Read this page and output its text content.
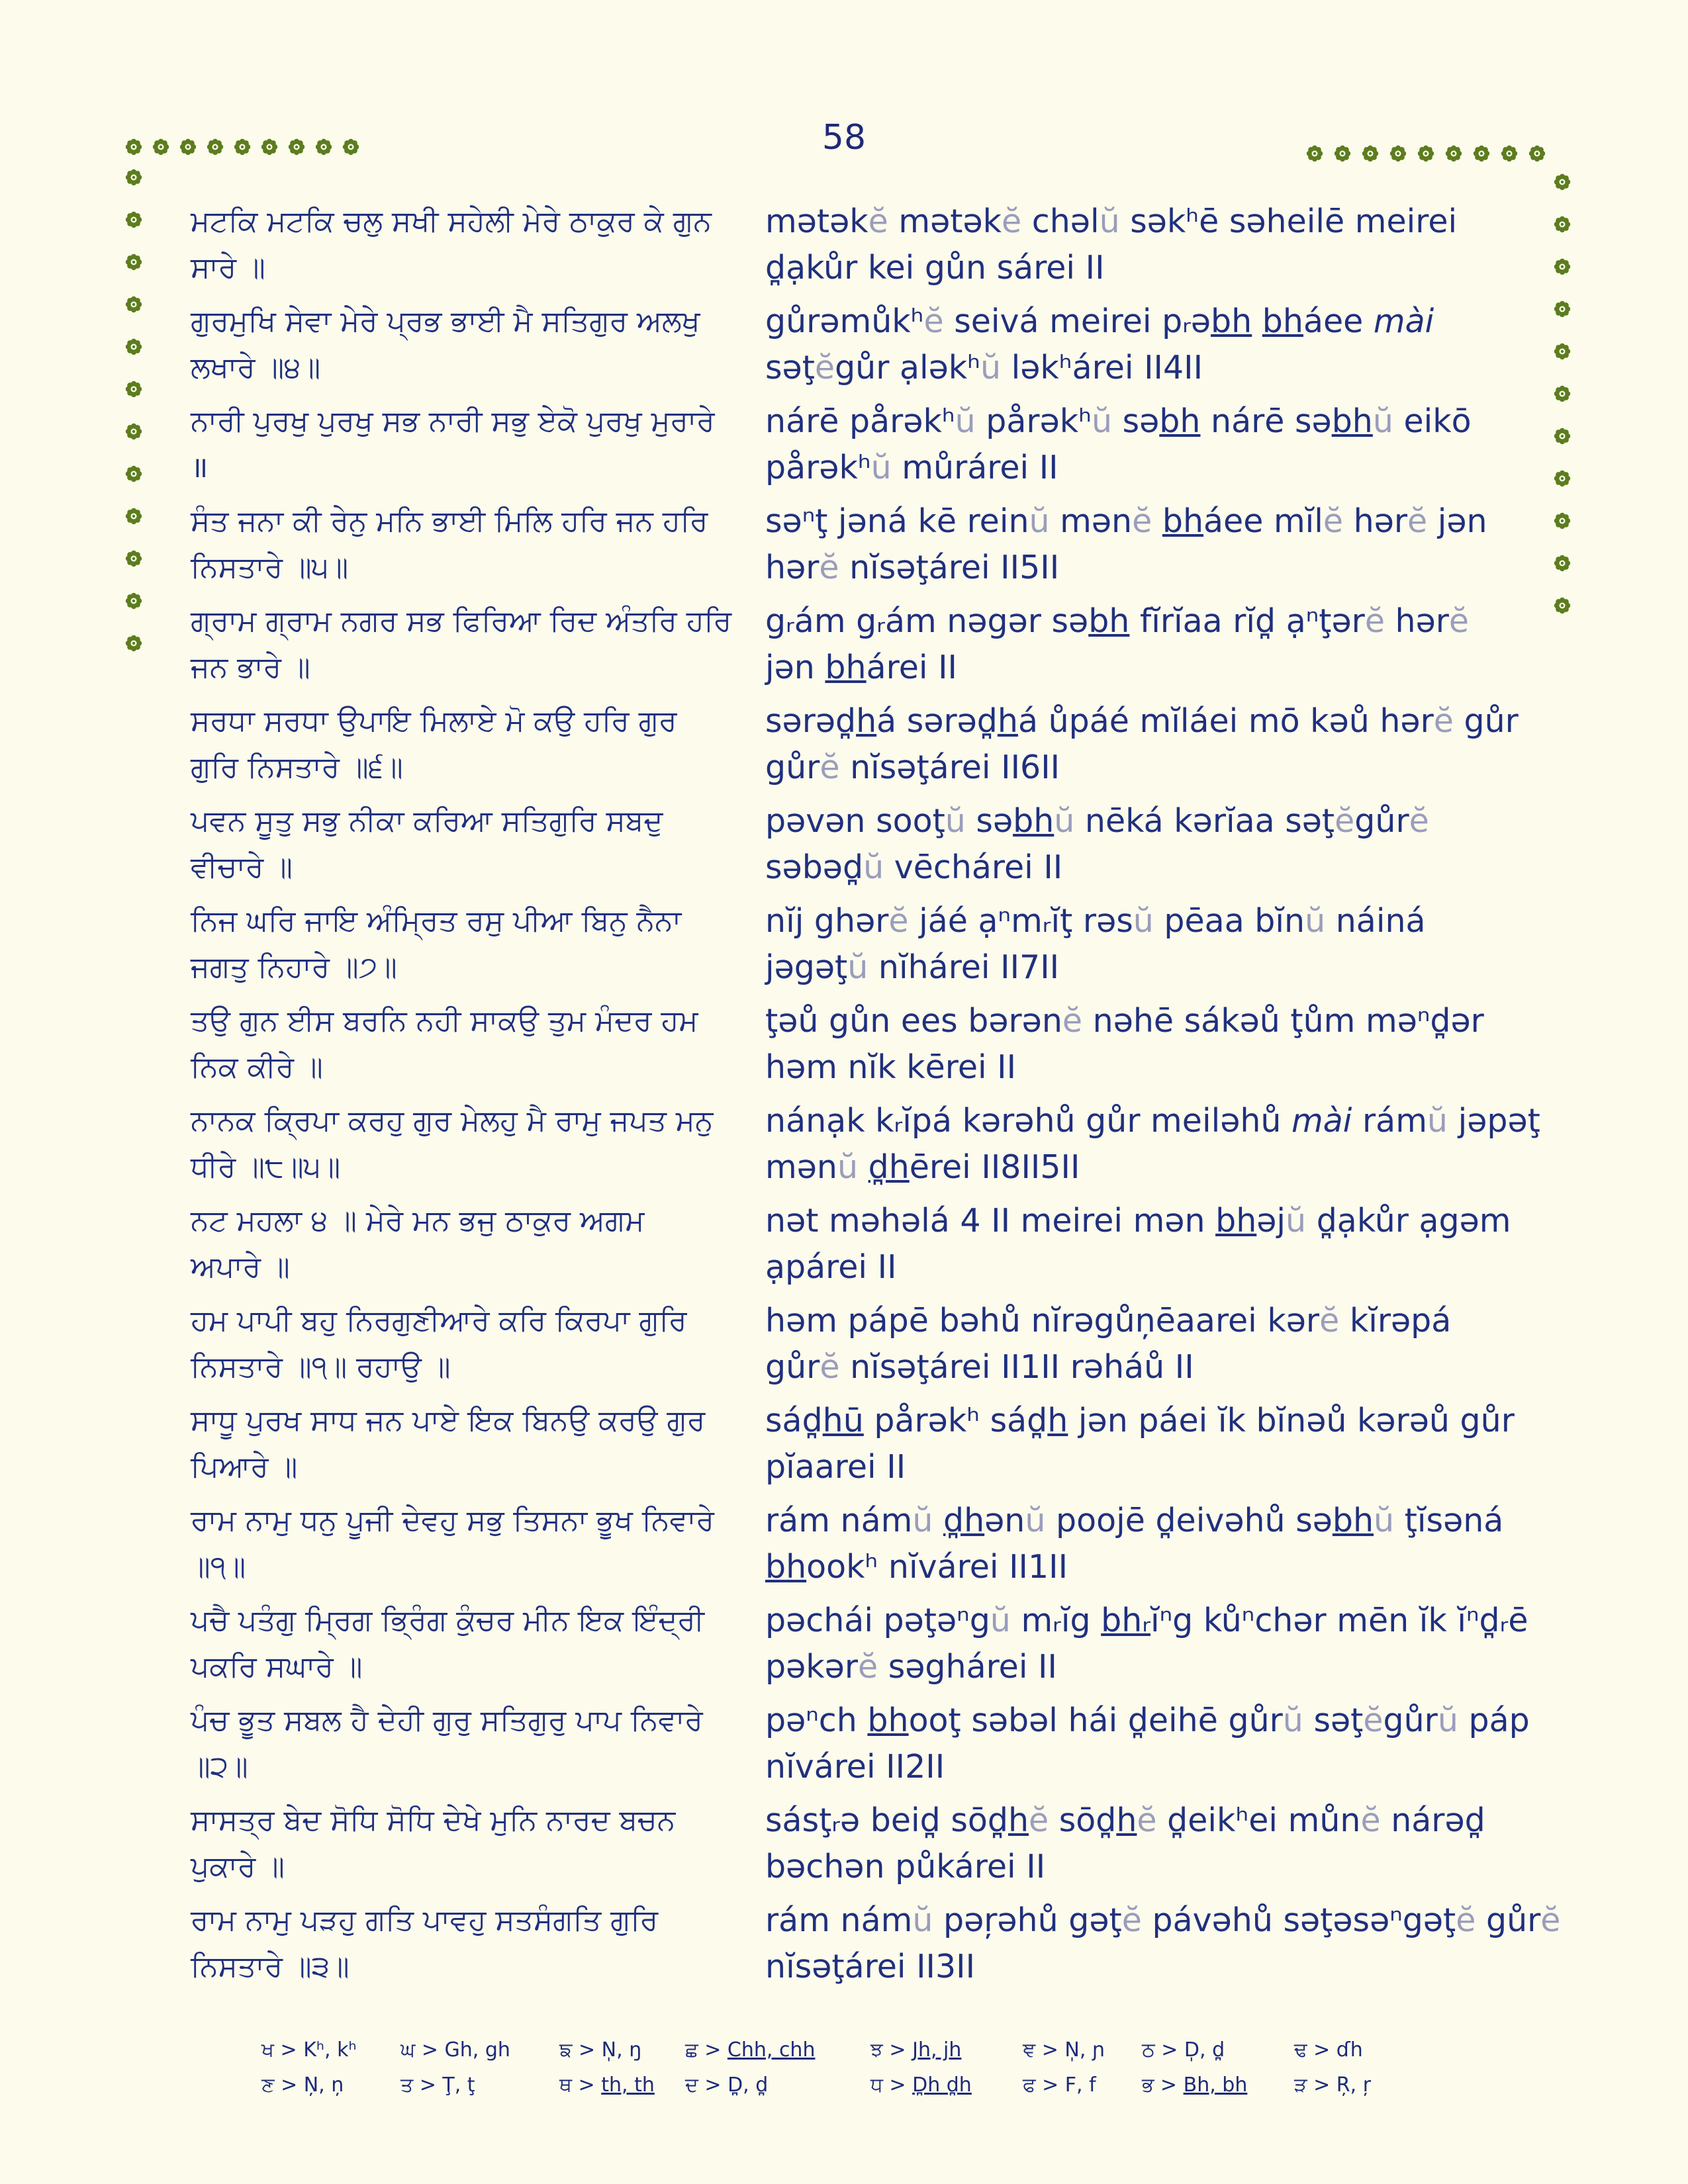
58
ਮਟਕਿ ਮਟਕਿ ਚਲੁ ਸਖੀ ਸਹੇਲੀ ਮੇਰੇ ਠਾਕੁਰ ਕੇ ਗੁਨ
ਸਾਰੇ ॥
mətəkĕ mətəkĕ chəlŭ səkʰē səheilē meirei
dạkůr kei gůn sárei II
ਗੁਰਮੁਖਿ ਸੇਵਾ ਮੇਰੇ ਪ੍ਰਭ ਭਾਈ ਮੈ ਸਤਿਗੁਰ ਅਲਖੁ
ਲਖਾਰੇ ॥੪॥
gůrəmůkʰĕ seivá meirei pᵣəbh bháee mài
səţĕgůr ạləkʰŭ ləkʰárei II4II
ਨਾਰੀ ਪੁਰਖੁ ਪੁਰਖੁ ਸਭ ਨਾਰੀ ਸਭੁ ਏਕੋ ਪੁਰਖੁ ਮੁਰਾਰੇ
॥
nárē pårəkʰŭ pårəkʰŭ səbh nárē səbhŭ eikō
pårəkʰŭ můrárei II
ਸੰਤ ਜਨਾ ਕੀ ਰੇਨੁ ਮਨਿ ਭਾਈ ਮਿਲਿ ਹਰਿ ਜਨ ਹਰਿ
ਨਿਸਤਾਰੇ ॥੫॥
səⁿţ jəná kē reinŭ mənĕ bháee mĭlĕ hərĕ jən
hərĕ nĭsəţárei II5II
ਗ੍ਰਾਮ ਗ੍ਰਾਮ ਨਗਰ ਸਭ ਫਿਰਿਆ ਰਿਦ ਅੰਤਰਿ ਹਰਿ
ਜਨ ਭਾਰੇ ॥
gᵣám gᵣám nəgər səbh fĭrĭaa rĭd ạⁿţərĕ hərĕ
jən bhárei II
ਸਰਧਾ ਸਰਧਾ ਉਪਾਇ ਮਿਲਾਏ ਮੋ ਕਉ ਹਰਿ ਗੁਰ
ਗੁਰਿ ਨਿਸਤਾਰੇ ॥੬॥
sərədhá sərədhá ůpáé mĭláei mō kəů hərĕ gůr
gůrĕ nĭsəţárei II6II
ਪਵਨ ਸੂਤੁ ਸਭੁ ਨੀਕਾ ਕਰਿਆ ਸਤਿਗੁਰਿ ਸਬਦੁ
ਵੀਚਾਰੇ ॥
pəvən sooţŭ səbhŭ nēká kərĭaa səţĕgůrĕ
səbədŭ vēchárei II
ਨਿਜ ਘਰਿ ਜਾਇ ਅੰਮ੍ਰਿਤ ਰਸੁ ਪੀਆ ਬਿਨੁ ਨੈਨਾ
ਜਗਤੁ ਨਿਹਾਰੇ ॥੭॥
nĭj ghərĕ jáé ạⁿmᵣĭţ rəsŭ pēaa bĭnŭ náiná
jəgəţŭ nĭhárei II7II
ਤਉ ਗੁਨ ਈਸ ਬਰਨਿ ਨਹੀ ਸਾਕਉ ਤੁਮ ਮੰਦਰ ਹਮ
ਨਿਕ ਕੀਰੇ ॥
ţəů gůn ees bərənĕ nəhē sákəů ţům məⁿdər
həm nĭk kērei II
ਨਾਨਕ ਕ੍ਰਿਪਾ ਕਰਹੁ ਗੁਰ ਮੇਲਹੁ ਮੈ ਰਾਮੁ ਜਪਤ ਮਨੁ
ਧੀਰੇ ॥੮॥੫॥
nánạk kᵣĭpá kərəhů gůr meiləhů mài rámŭ jəpəţ
mənŭ d̪hērei II8II5II
ਨਟ ਮਹਲਾ ੪ ॥ ਮੇਰੇ ਮਨ ਭਜੁ ਠਾਕੁਰ ਅਗਮ
ਅਪਾਰੇ ॥
nət məhəlá 4 II meirei mən bhəjŭ dạkůr ạgəm
ạpárei II
ਹਮ ਪਾਪੀ ਬਹੁ ਨਿਰਗੁਣੀਆਰੇ ਕਰਿ ਕਿਰਪਾ ਗੁਰਿ
ਨਿਸਤਾਰੇ ॥੧॥ ਰਹਾਉ ॥
həm pápē bəhů nĭrəgůņēaarei kərĕ kĭrəpá
gůrĕ nĭsəţárei II1II rəháů II
ਸਾਧੂ ਪੁਰਖ ਸਾਧ ਜਨ ਪਾਏ ਇਕ ਬਿਨਉ ਕਰਉ ਗੁਰ
ਪਿਆਰੇ ॥
sádhū pårəkʰ sádh jən páei ĭk bĭnəů kərəů gůr
pĭaarei II
ਰਾਮ ਨਾਮੁ ਧਨੁ ਪੂਜੀ ਦੇਵਹੁ ਸਭੁ ਤਿਸਨਾ ਭੂਖ ਨਿਵਾਰੇ
॥੧॥
rám námŭ d̪hənŭ poojē deivəhů səbhŭ ţĭsəná
bhookʰ nĭvárei II1II
ਪਚੈ ਪਤੰਗੁ ਮ੍ਰਿਗ ਭ੍ਰਿੰਗ ਕੁੰਚਰ ਮੀਨ ਇਕ ਇੰਦ੍ਰੀ
ਪਕਰਿ ਸਘਾਰੇ ॥
pəchái pəţəⁿgŭ mᵣĭg bhᵣĭⁿg kůⁿchər mēn ĭk ĭⁿdᵣē
pəkərĕ səghárei II
ਪੰਚ ਭੂਤ ਸਬਲ ਹੈ ਦੇਹੀ ਗੁਰੁ ਸਤਿਗੁਰੁ ਪਾਪ ਨਿਵਾਰੇ
॥੨॥
pəⁿch bhooţ səbəl hái deihē gůrŭ səţĕgůrŭ páp
nĭvárei II2II
ਸਾਸਤ੍ਰ ਬੇਦ ਸੋਧਿ ਸੋਧਿ ਦੇਖੇ ਮੁਨਿ ਨਾਰਦ ਬਚਨ
ਪੁਕਾਰੇ ॥
sásţᵣə beid sōdhĕ sōdhĕ deikʰei můnĕ nárəd
bəchən půkárei II
ਰਾਮ ਨਾਮੁ ਪੜਹੁ ਗਤਿ ਪਾਵਹੁ ਸਤਸੰਗਤਿ ਗੁਰਿ
ਨਿਸਤਾਰੇ ॥੩॥
rám námŭ pəŗəhů gəţĕ pávəhů səţəsəⁿgəţĕ gůrĕ
nĭsəţárei II3II
ਖ > Kʰ, kʰ ਘ > Gh, gh ਙ > N̩, ŋ ਛ > Chh, chh	ਝ > Jh, jh	ਞ > N̩, ɲ ਠ > D̩, d̪	ਢ > ɗh
ਣ > Ņ, ņ	ਤ > Ţ, ţ	ਥ > th, th ਦ > D̪, d̪	ਧ > D̪h d̪h	ਫ > F, f ਭ > Bh, bh ੜ > Ŗ, ŗ
